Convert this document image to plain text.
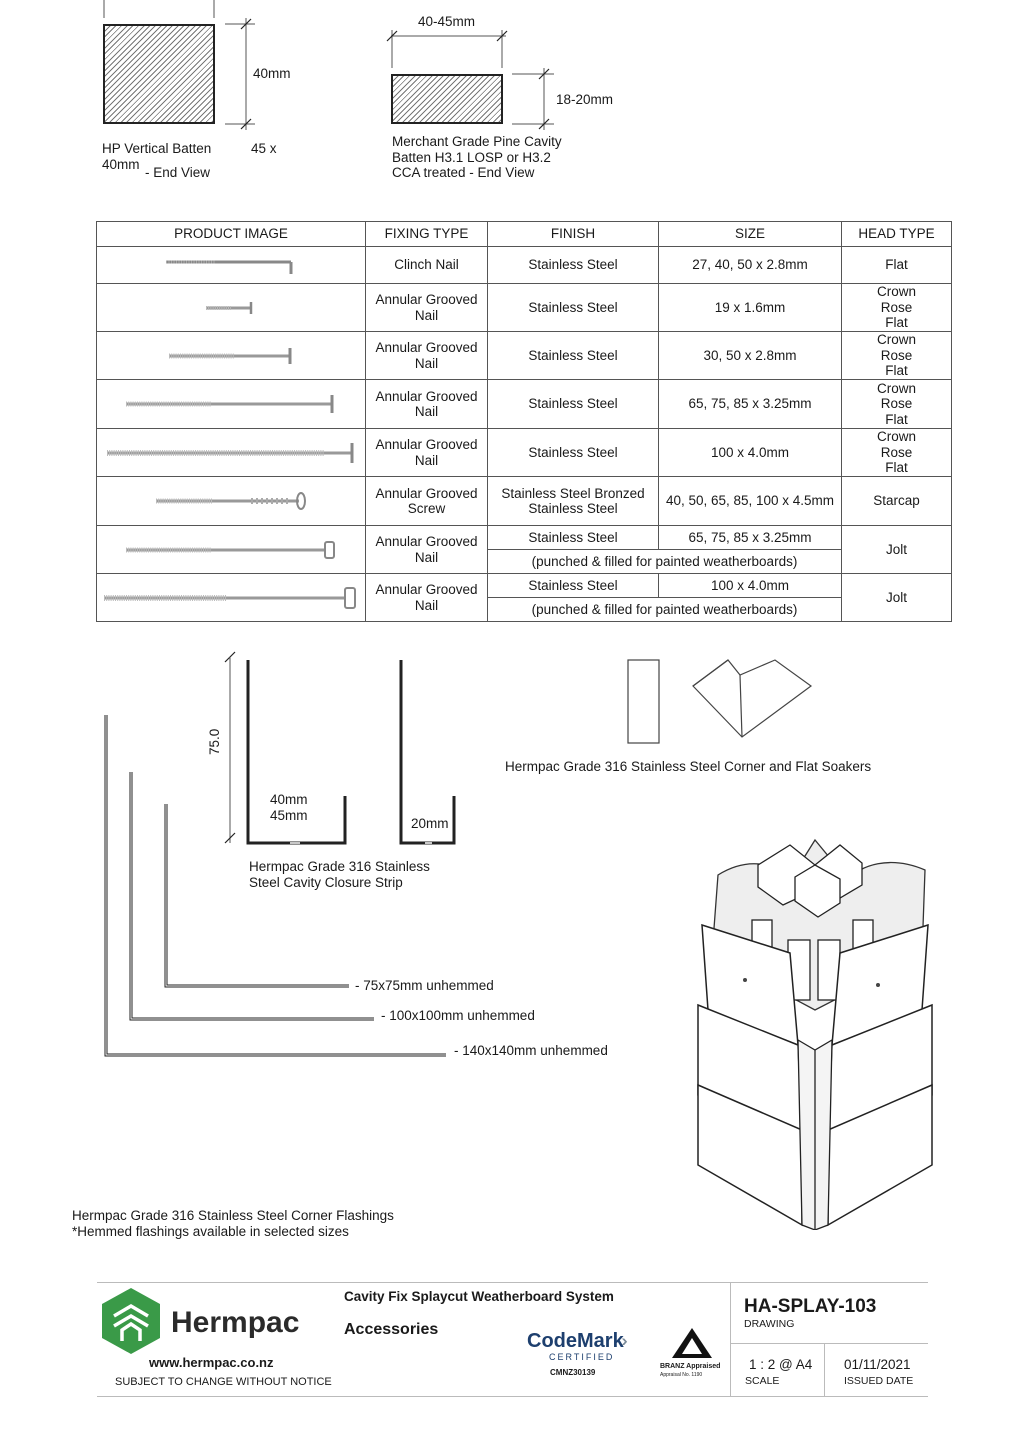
40mm
HP Vertical Batten	45 x
40mm
- End View
40-45mm
18-20mm
Merchant Grade Pine Cavity
Batten H3.1 LOSP or H3.2
CCA treated - End View
PRODUCT IMAGE	FIXING TYPE	FINISH	SIZE	HEAD TYPE

	Clinch Nail	Stainless Steel	27, 40, 50 x 2.8mm	Flat

	Annular Grooved Nail	Stainless Steel	19 x 1.6mm	Crown Rose Flat

	Annular Grooved Nail	Stainless Steel	30, 50 x 2.8mm	Crown Rose Flat

	Annular Grooved Nail	Stainless Steel	65, 75, 85 x 3.25mm	Crown Rose Flat

	Annular Grooved Nail	Stainless Steel	100 x 4.0mm	Crown Rose Flat

	Annular Grooved Screw	Stainless Steel Bronzed Stainless Steel	40, 50, 65, 85, 100 x 4.5mm	Starcap

	Annular Grooved Nail	Stainless Steel	65, 75, 85 x 3.25mm	Jolt
		(punched & filled for painted weatherboards)		

	Annular Grooved Nail	Stainless Steel	100 x 4.0mm	Jolt
		(punched & filled for painted weatherboards)		
75.0
40mm
45mm
20mm
Hermpac Grade 316 Stainless
Steel Cavity Closure Strip
Hermpac Grade 316 Stainless Steel Corner and Flat Soakers
- 75x75mm unhemmed
- 100x100mm unhemmed
- 140x140mm unhemmed
Hermpac Grade 316 Stainless Steel Corner Flashings
*Hemmed flashings available in selected sizes
Hermpac
www.hermpac.co.nz
SUBJECT TO CHANGE WITHOUT NOTICE
Cavity Fix Splaycut Weatherboard System
Accessories
CodeMark
CERTIFIED
CMNZ30139
BRANZ Appraised
Appraisal No. 1190
HA-SPLAY-103
DRAWING
1 : 2 @ A4
SCALE
01/11/2021
ISSUED DATE
